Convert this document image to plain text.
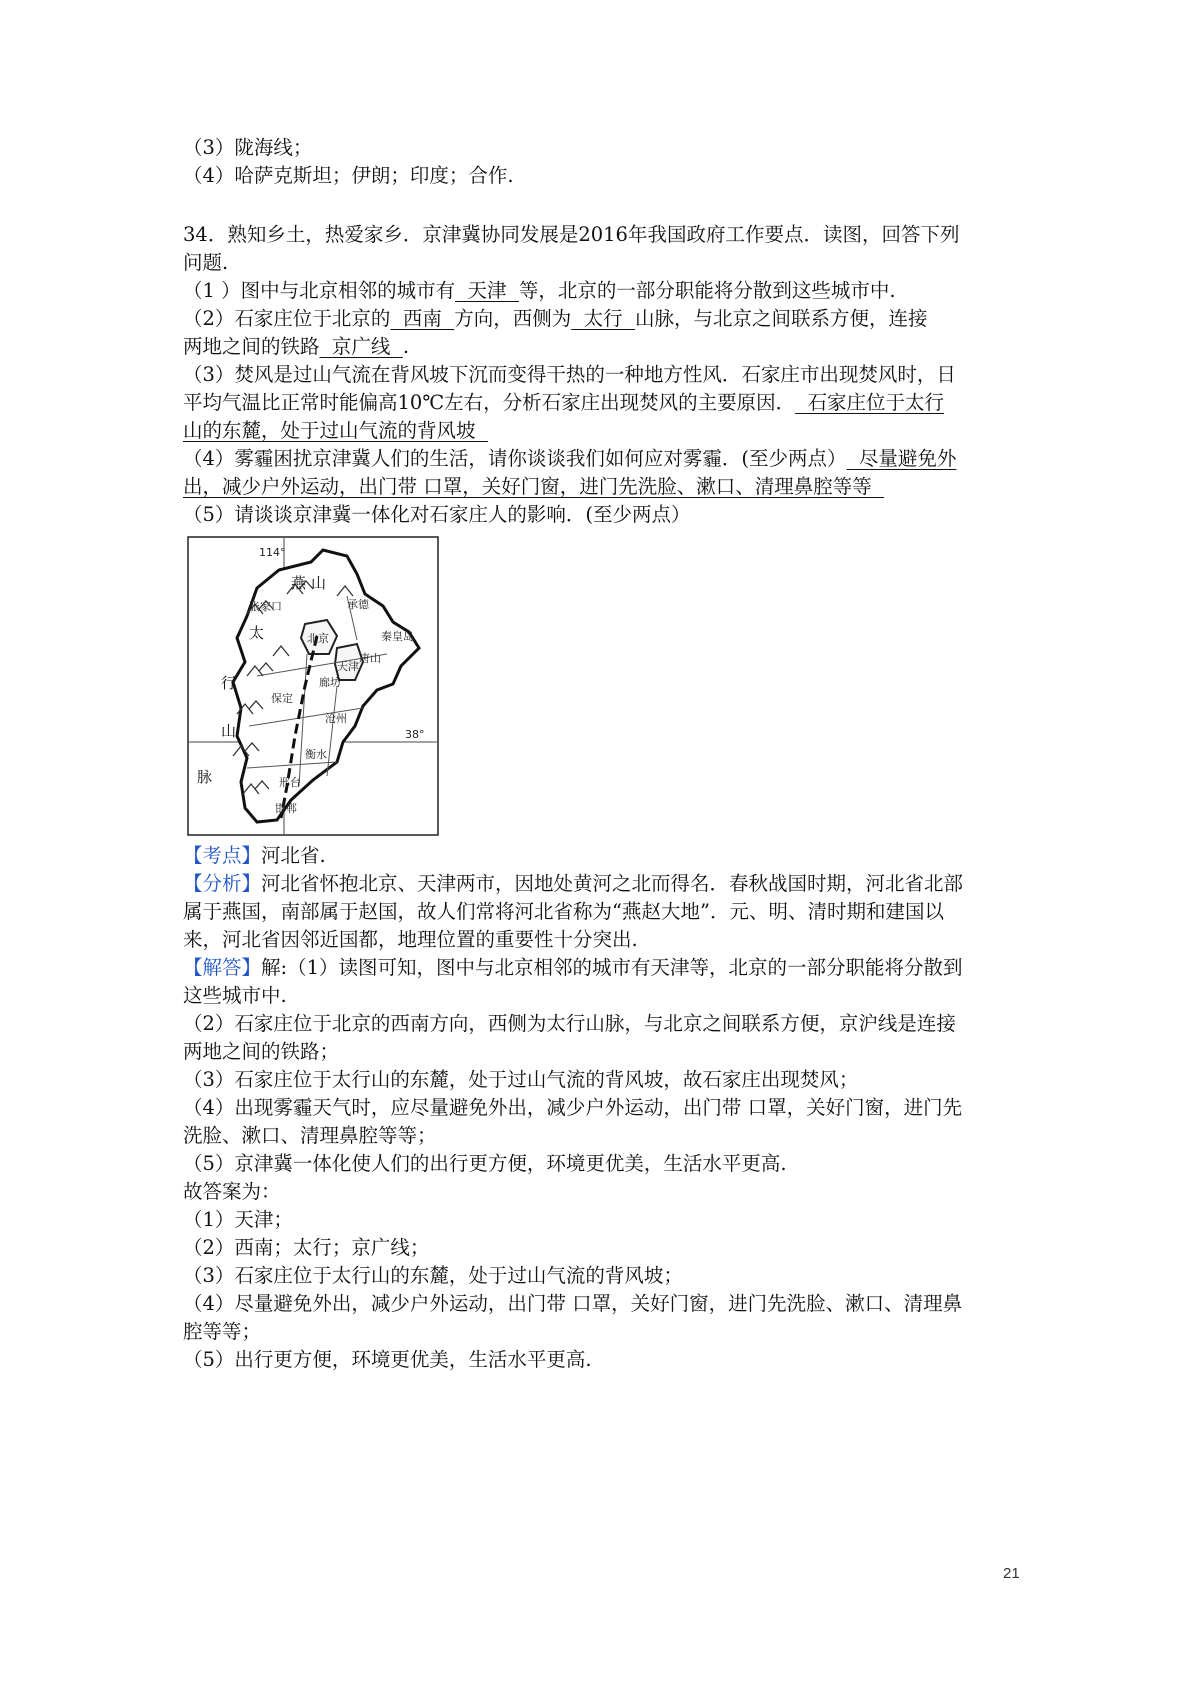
（3）陇海线；

（4）哈萨克斯坦；伊朗；印度；合作.

34．熟知乡土，热爱家乡．京津冀协同发展是2016年我国政府工作要点．读图，回答下列

问题.

（1 ）图中与北京相邻的城市有  天津  等，北京的一部分职能将分散到这些城市中.

（2）石家庄位于北京的  西南  方向，西侧为  太行  山脉，与北京之间联系方便，连接

两地之间的铁路  京广线  .

（3）焚风是过山气流在背风坡下沉而变得干热的一种地方性风．石家庄市出现焚风时，日

平均气温比正常时能偏高10℃左右，分析石家庄出现焚风的主要原因．  石家庄位于太行

山的东麓，处于过山气流的背风坡

（4）雾霾困扰京津冀人们的生活，请你谈谈我们如何应对雾霾．(至少两点）  尽量避免外

出，减少户外运动，出门带 口罩，关好门窗，进门先洗脸、漱口、清理鼻腔等等

（5）请谈谈京津冀一体化对石家庄人的影响．(至少两点）

114°
38°
张家口	承德
秦皇岛
唐山
北京
天津
保定
廊坊
沧州
衡水
邢台
邯郸
燕 山
太
行
山
脉

【考点】河北省.

【分析】河北省怀抱北京、天津两市，因地处黄河之北而得名．春秋战国时期，河北省北部

属于燕国，南部属于赵国，故人们常将河北省称为“燕赵大地”．元、明、清时期和建国以

来，河北省因邻近国都，地理位置的重要性十分突出.

【解答】解:（1）读图可知，图中与北京相邻的城市有天津等，北京的一部分职能将分散到

这些城市中.

（2）石家庄位于北京的西南方向，西侧为太行山脉，与北京之间联系方便，京沪线是连接

两地之间的铁路；

（3）石家庄位于太行山的东麓，处于过山气流的背风坡，故石家庄出现焚风；

（4）出现雾霾天气时，应尽量避免外出，减少户外运动，出门带 口罩，关好门窗，进门先

洗脸、漱口、清理鼻腔等等；

（5）京津冀一体化使人们的出行更方便，环境更优美，生活水平更高.

故答案为：

（1）天津；

（2）西南；太行；京广线；

（3）石家庄位于太行山的东麓，处于过山气流的背风坡；

（4）尽量避免外出，减少户外运动，出门带 口罩，关好门窗，进门先洗脸、漱口、清理鼻

腔等等；

（5）出行更方便，环境更优美，生活水平更高.

21
